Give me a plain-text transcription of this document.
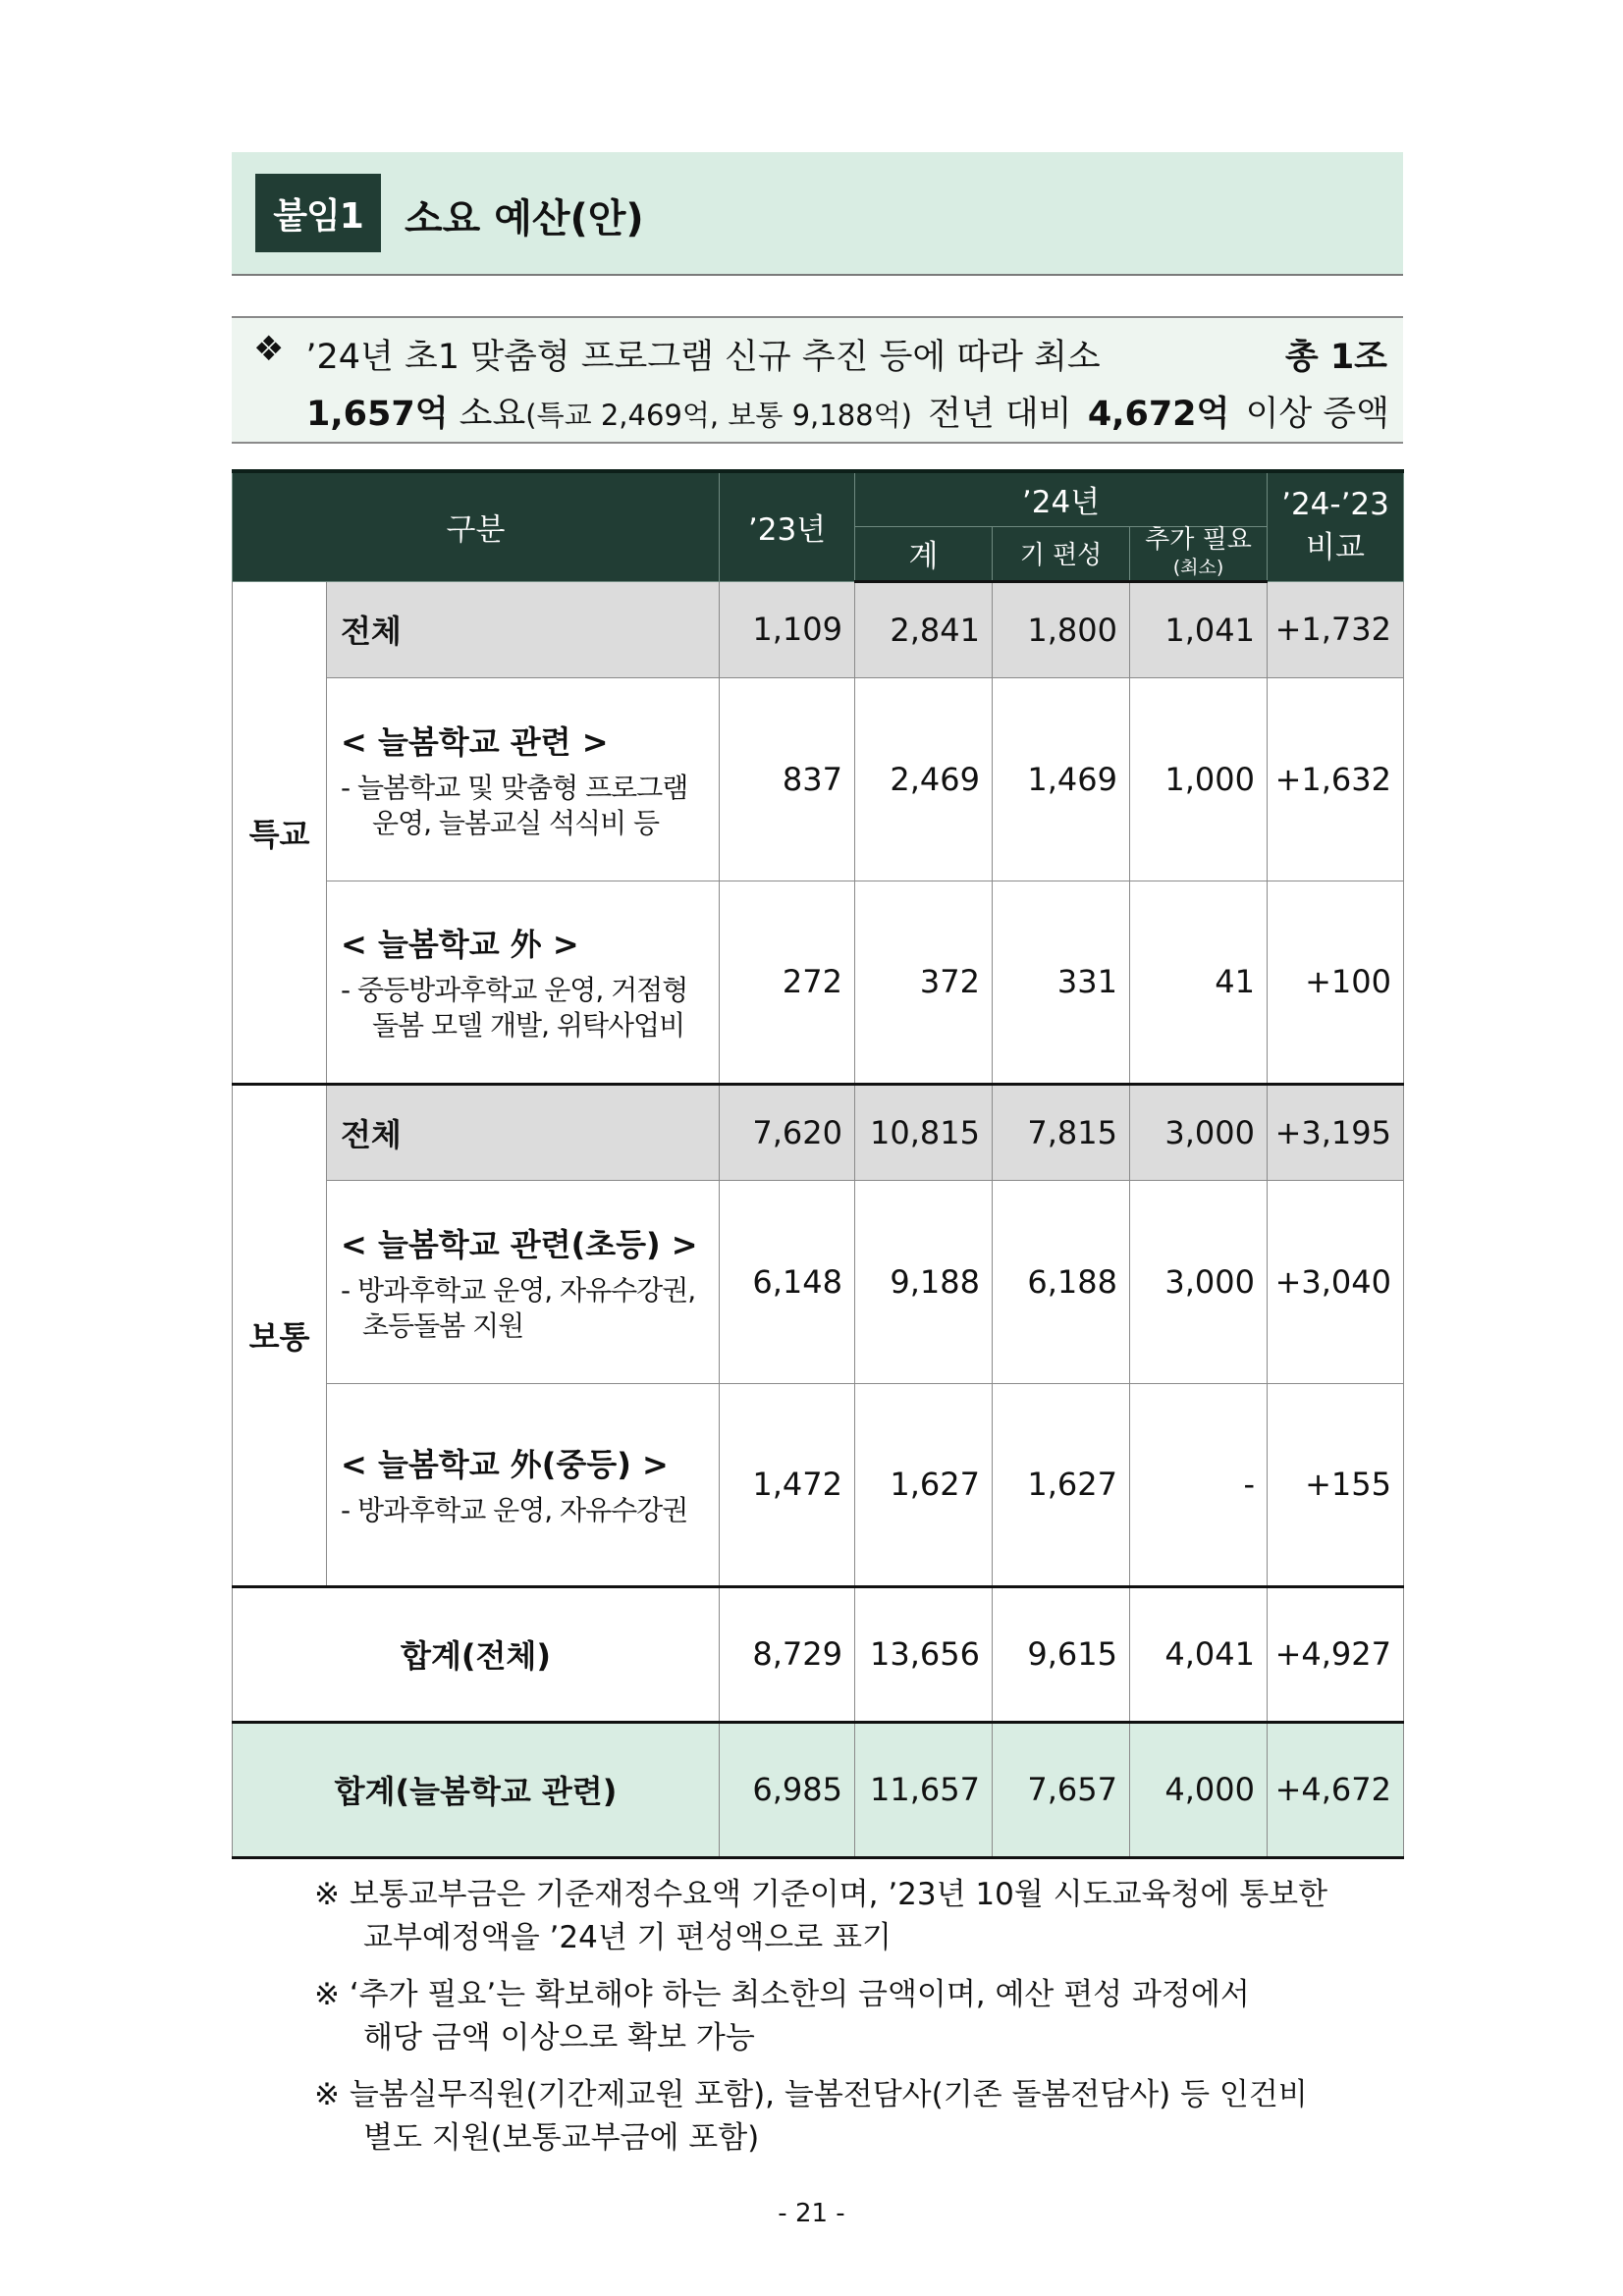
붙임1	소요 예산(안)
❖ ’24년 초1 맞춤형 프로그램 신규 추진 등에 따라 최소	총 1조
1,657억 소요(특교 2,469억, 보통 9,188억) 전년 대비 4,672억 이상 증액
구분		’23년	’24년			’24-’23
비교

			계	기 편성	추가 필요
(최소)	

특교	전체	1,109	2,841	1,800	1,041	+1,732

	< 늘봄학교 관련 >
- 늘봄학교 및 맞춤형 프로그램
운영, 늘봄교실 석식비 등	837	2,469	1,469	1,000	+1,632

	< 늘봄학교 外 >
- 중등방과후학교 운영, 거점형
돌봄 모델 개발, 위탁사업비	272	372	331	41	+100
보통	전체	7,620	10,815	7,815	3,000	+3,195

	< 늘봄학교 관련(초등) >
- 방과후학교 운영, 자유수강권,
초등돌봄 지원	6,148	9,188	6,188	3,000	+3,040

	< 늘봄학교 外(중등) >
- 방과후학교 운영, 자유수강권	1,472	1,627	1,627	-	+155
합계(전체)		8,729	13,656	9,615	4,041	+4,927
합계(늘봄학교 관련)		6,985	11,657	7,657	4,000	+4,672
※ 보통교부금은 기준재정수요액 기준이며, ’23년 10월 시도교육청에 통보한
교부예정액을 ’24년 기 편성액으로 표기
※ ‘추가 필요’는 확보해야 하는 최소한의 금액이며, 예산 편성 과정에서
해당 금액 이상으로 확보 가능
※ 늘봄실무직원(기간제교원 포함), 늘봄전담사(기존 돌봄전담사) 등 인건비
별도 지원(보통교부금에 포함)
- 21 -
